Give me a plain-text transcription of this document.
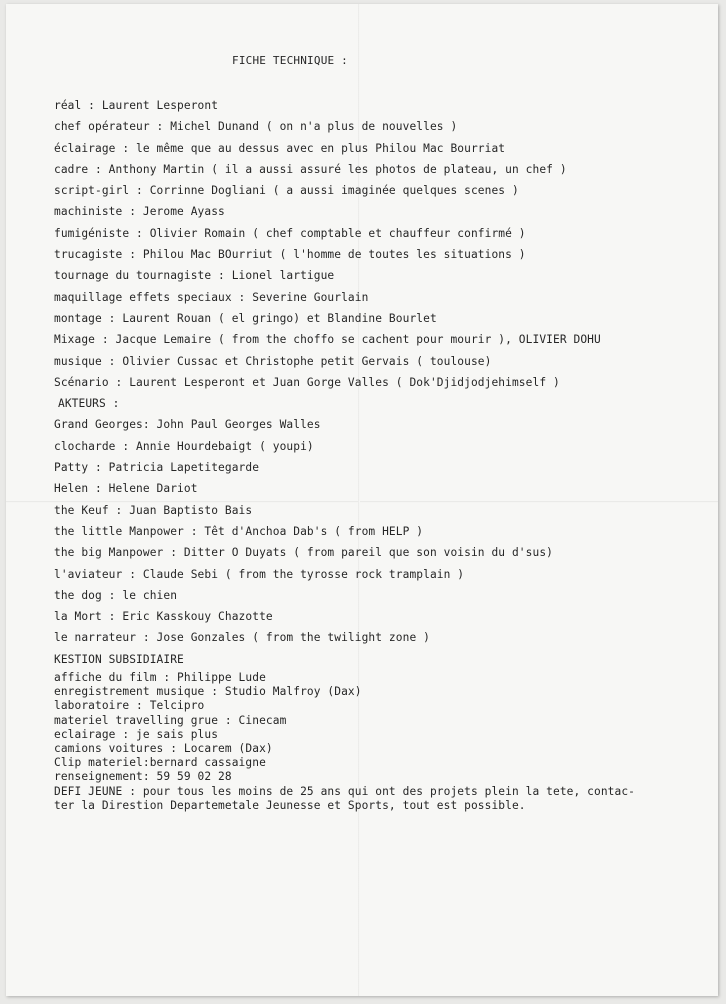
FICHE TECHNIQUE :
réal : Laurent Lesperont
chef opérateur : Michel Dunand ( on n'a plus de nouvelles )
éclairage : le même que au dessus avec en plus Philou Mac Bourriat
cadre : Anthony Martin ( il a aussi assuré les photos de plateau, un chef )
script-girl : Corrinne Dogliani ( a aussi imaginée quelques scenes )
machiniste : Jerome Ayass
fumigéniste : Olivier Romain ( chef comptable et chauffeur confirmé )
trucagiste : Philou Mac BOurriut ( l'homme de toutes les situations )
tournage du tournagiste : Lionel lartigue
maquillage effets speciaux : Severine Gourlain
montage : Laurent Rouan ( el gringo) et Blandine Bourlet
Mixage : Jacque Lemaire ( from the choffo se cachent pour mourir ), OLIVIER DOHU
musique : Olivier Cussac et Christophe petit Gervais ( toulouse)
Scénario : Laurent Lesperont et Juan Gorge Valles ( Dok'Djidjodjehimself )
AKTEURS :
Grand Georges: John Paul Georges Walles
clocharde : Annie Hourdebaigt ( youpi)
Patty : Patricia Lapetitegarde
Helen : Helene Dariot
the Keuf : Juan Baptisto Bais
the little Manpower : Têt d'Anchoa Dab's ( from HELP )
the big Manpower : Ditter O Duyats ( from pareil que son voisin du d'sus)
l'aviateur : Claude Sebi ( from the tyrosse rock tramplain )
the dog : le chien
la Mort : Eric Kasskouy Chazotte
le narrateur : Jose Gonzales ( from the twilight zone )
KESTION SUBSIDIAIRE
affiche du film : Philippe Lude
enregistrement musique : Studio Malfroy (Dax)
laboratoire : Telcipro
materiel travelling grue : Cinecam
eclairage : je sais plus
camions voitures : Locarem (Dax)
Clip materiel:bernard cassaigne
renseignement: 59 59 02 28
DEFI JEUNE : pour tous les moins de 25 ans qui ont des projets plein la tete, contac-
ter la Direstion Departemetale Jeunesse et Sports, tout est possible.
